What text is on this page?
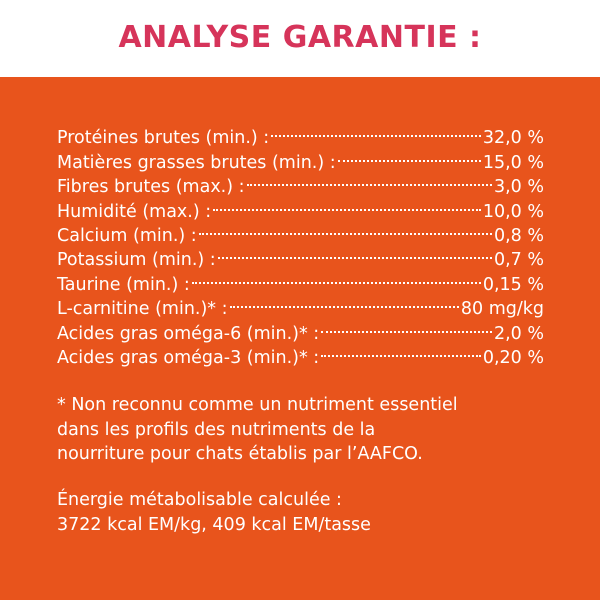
ANALYSE GARANTIE :
Protéines brutes (min.) :	32,0 %
Matières grasses brutes (min.) :	15,0 %
Fibres brutes (max.) :	3,0 %
Humidité (max.) :	10,0 %
Calcium (min.) :	0,8 %
Potassium (min.) :	0,7 %
Taurine (min.) :	0,15 %
L-carnitine (min.)* :	80 mg/kg
Acides gras oméga-6 (min.)* :	2,0 %
Acides gras oméga-3 (min.)* :	0,20 %
* Non reconnu comme un nutriment essentiel
dans les profils des nutriments de la
nourriture pour chats établis par l’AAFCO.
Énergie métabolisable calculée :
3722 kcal EM/kg, 409 kcal EM/tasse
